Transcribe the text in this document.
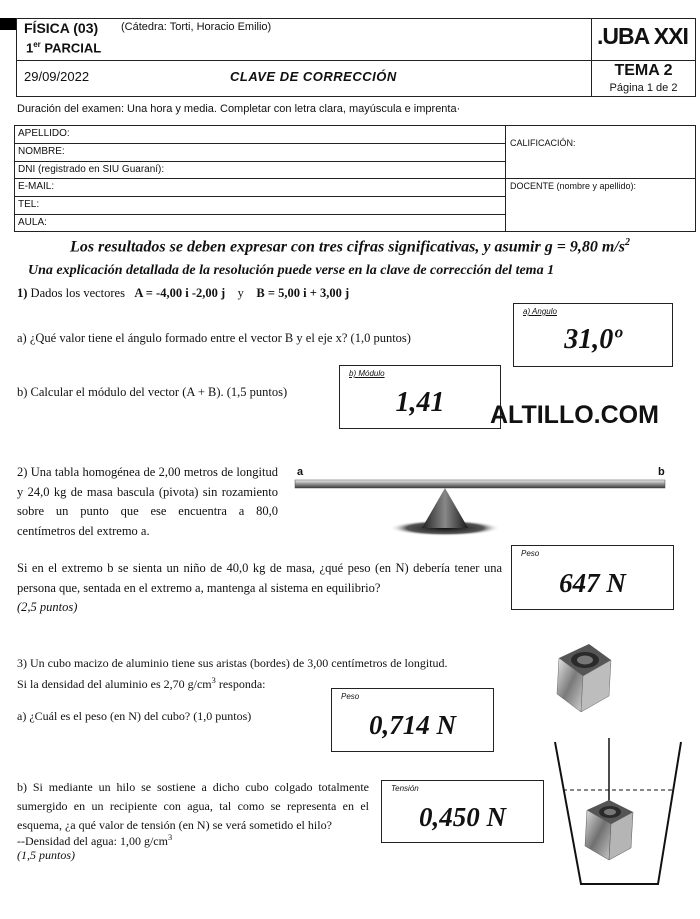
FÍSICA (03) (Cátedra: Torti, Horacio Emilio)
1er PARCIAL	.UBA XXI
29/09/2022	CLAVE DE CORRECCIÓN	TEMA 2
Página 1 de 2
Duración del examen: Una hora y media. Completar con letra clara, mayúscula e imprenta·
APELLIDO:
NOMBRE:
DNI (registrado en SIU Guaraní):
E-MAIL:
TEL:
AULA:
CALIFICACIÓN:
DOCENTE (nombre y apellido):
Los resultados se deben expresar con tres cifras significativas, y asumir g = 9,80 $m/s^2$
Una explicación detallada de la resolución puede verse en la clave de corrección del tema 1
1) Dados los vectores A = -4,00 i -2,00 j y B = 5,00 i + 3,00 j
a) ¿Qué valor tiene el ángulo formado entre el vector B y el eje x? (1,0 puntos)
a) Angulo
31,0º
b) Calcular el módulo del vector (A + B). (1,5 puntos)
b) Módulo
1,41	ALTILLO.COM
2) Una tabla homogénea de 2,00 metros de longitud y 24,0 kg de masa bascula (pivota) sin rozamiento sobre un punto que ese encuentra a 80,0 centímetros del extremo a.
a	b
Si en el extremo b se sienta un niño de 40,0 kg de masa, ¿qué peso (en N) debería tener una persona que, sentada en el extremo a, mantenga al sistema en equilibrio?
(2,5 puntos)
Peso
647 N
3) Un cubo macizo de aluminio tiene sus aristas (bordes) de 3,00 centímetros de longitud.
Si la densidad del aluminio es 2,70 $g/cm^3$ responda:
a) ¿Cuál es el peso (en N) del cubo? (1,0 puntos)
Peso
0,714 N
b) Si mediante un hilo se sostiene a dicho cubo colgado totalmente sumergido en un recipiente con agua, tal como se representa en el esquema, ¿a qué valor de tensión (en N) se verá sometido el hilo?
--Densidad del agua: 1,00 $g/cm^3$
(1,5 puntos)
Tensión
0,450 N
